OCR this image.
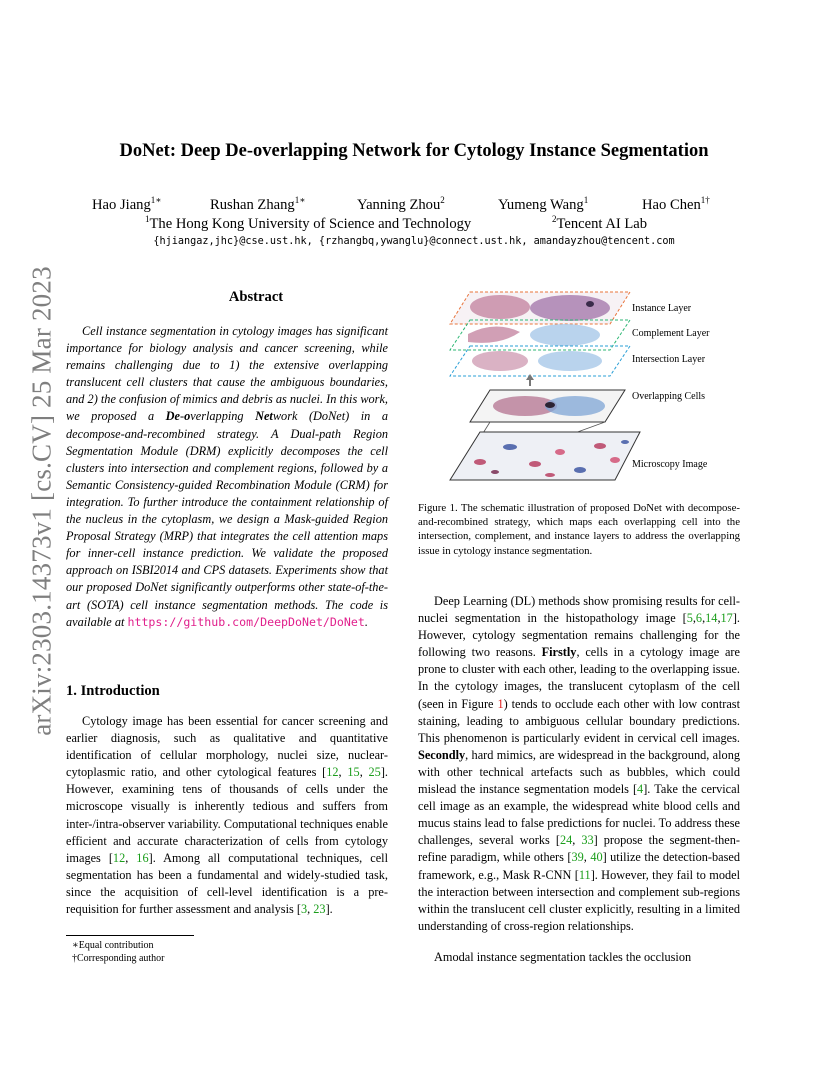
arXiv:2303.14373v1 [cs.CV] 25 Mar 2023
DoNet: Deep De-overlapping Network for Cytology Instance Segmentation
Hao Jiang$^{1∗}$	Rushan Zhang$^{1∗}$	Yanning Zhou$^2$	Yumeng Wang$^1$	Hao Chen$^{1\dagger}$
$^1$The Hong Kong University of Science and Technology	$^2$Tencent AI Lab
{hjiangaz,jhc}@cse.ust.hk, {rzhangbq,ywanglu}@connect.ust.hk, amandayzhou@tencent.com
Abstract
Cell instance segmentation in cytology images has significant importance for biology analysis and cancer screening, while remains challenging due to 1) the extensive overlapping translucent cell clusters that cause the ambiguous boundaries, and 2) the confusion of mimics and debris as nuclei. In this work, we proposed a De-overlapping Network (DoNet) in a decompose-and-recombined strategy. A Dual-path Region Segmentation Module (DRM) explicitly decomposes the cell clusters into intersection and complement regions, followed by a Semantic Consistency-guided Recombination Module (CRM) for integration. To further introduce the containment relationship of the nucleus in the cytoplasm, we design a Mask-guided Region Proposal Strategy (MRP) that integrates the cell attention maps for inner-cell instance prediction. We validate the proposed approach on ISBI2014 and CPS datasets. Experiments show that our proposed DoNet significantly outperforms other state-of-the-art (SOTA) cell instance segmentation methods. The code is available at https://github.com/DeepDoNet/DoNet.
1. Introduction
Cytology image has been essential for cancer screening and earlier diagnosis, such as qualitative and quantitative identification of cellular morphology, nuclei size, nuclear-cytoplasmic ratio, and other cytological features [12, 15, 25]. However, examining tens of thousands of cells under the microscope visually is inherently tedious and suffers from inter-/intra-observer variability. Computational techniques enable efficient and accurate characterization of cells from cytology images [12, 16]. Among all computational techniques, cell segmentation has been a fundamental and widely-studied task, since the acquisition of cell-level identification is a pre-requisition for further assessment and analysis [3, 23].
∗Equal contribution
†Corresponding author
Instance Layer
Complement Layer
Intersection Layer
Overlapping Cells
Microscopy Image
Figure 1. The schematic illustration of proposed DoNet with decompose-and-recombined strategy, which maps each overlapping cell into the intersection, complement, and instance layers to address the overlapping issue in cytology instance segmentation.
Deep Learning (DL) methods show promising results for cell-nuclei segmentation in the histopathology image [5,6,14,17]. However, cytology segmentation remains challenging for the following two reasons. Firstly, cells in a cytology image are prone to cluster with each other, leading to the overlapping issue. In the cytology images, the translucent cytoplasm of the cell (seen in Figure 1) tends to occlude each other with low contrast staining, leading to ambiguous cellular boundary predictions. This phenomenon is particularly evident in cervical cell images. Secondly, hard mimics, are widespread in the background, along with other technical artefacts such as bubbles, which could mislead the instance segmentation models [4]. Take the cervical cell image as an example, the widespread white blood cells and mucus stains lead to false predictions for nuclei. To address these challenges, several works [24, 33] propose the segment-then-refine paradigm, while others [39, 40] utilize the detection-based framework, e.g., Mask R-CNN [11]. However, they fail to model the interaction between intersection and complement sub-regions within the translucent cell cluster explicitly, resulting in a limited understanding of cross-region relationships.
Amodal instance segmentation tackles the occlusion
